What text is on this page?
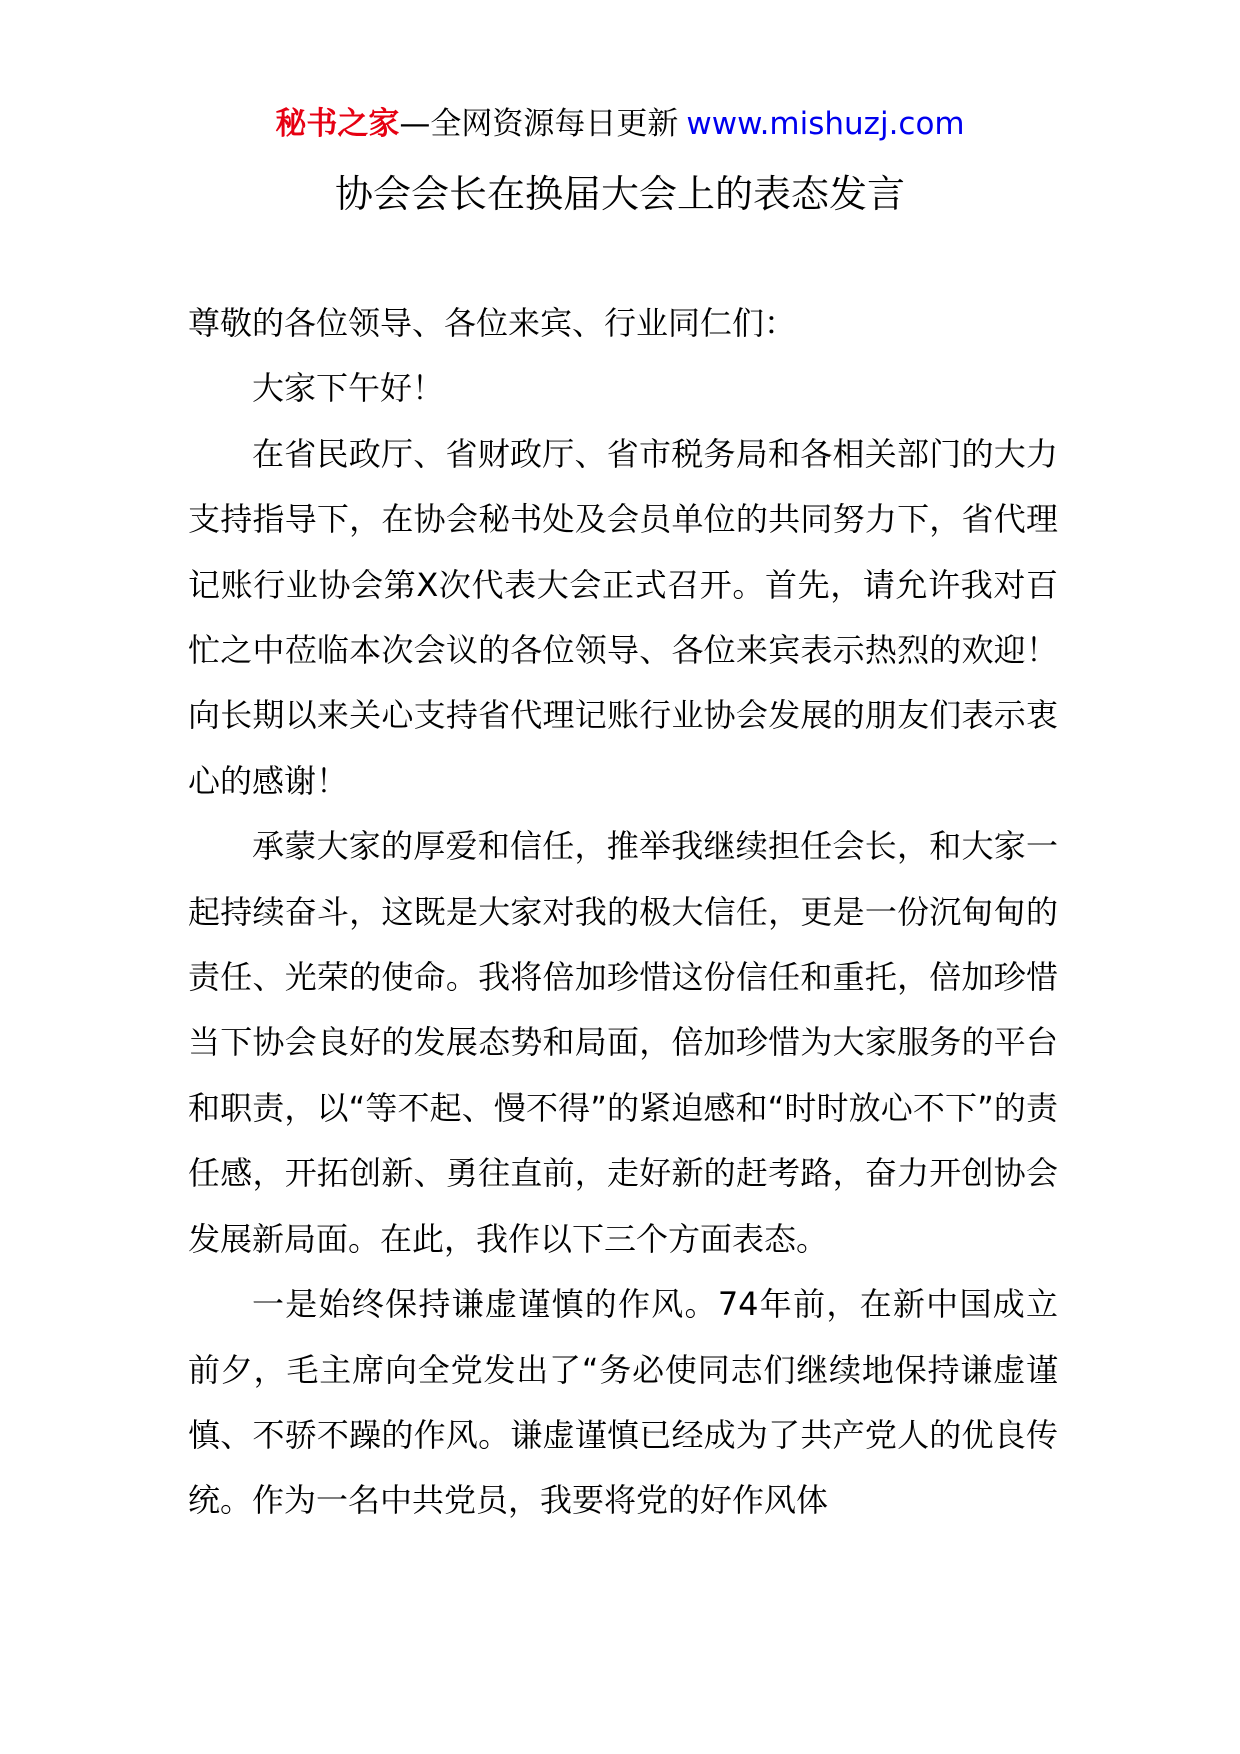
秘书之家—全网资源每日更新 www.mishuzj.com
协会会长在换届大会上的表态发言

尊敬的各位领导、各位来宾、行业同仁们：

大家下午好！

在省民政厅、省财政厅、省市税务局和各相关部门的大力支持指导下，在协会秘书处及会员单位的共同努力下，省代理记账行业协会第X次代表大会正式召开。首先，请允许我对百忙之中莅临本次会议的各位领导、各位来宾表示热烈的欢迎！向长期以来关心支持省代理记账行业协会发展的朋友们表示衷心的感谢！

承蒙大家的厚爱和信任，推举我继续担任会长，和大家一起持续奋斗，这既是大家对我的极大信任，更是一份沉甸甸的责任、光荣的使命。我将倍加珍惜这份信任和重托，倍加珍惜当下协会良好的发展态势和局面，倍加珍惜为大家服务的平台和职责，以“等不起、慢不得”的紧迫感和“时时放心不下”的责任感，开拓创新、勇往直前，走好新的赶考路，奋力开创协会发展新局面。在此，我作以下三个方面表态。

一是始终保持谦虚谨慎的作风。74年前，在新中国成立前夕，毛主席向全党发出了“务必使同志们继续地保持谦虚谨慎、不骄不躁的作风。谦虚谨慎已经成为了共产党人的优良传统。作为一名中共党员，我要将党的好作风体
